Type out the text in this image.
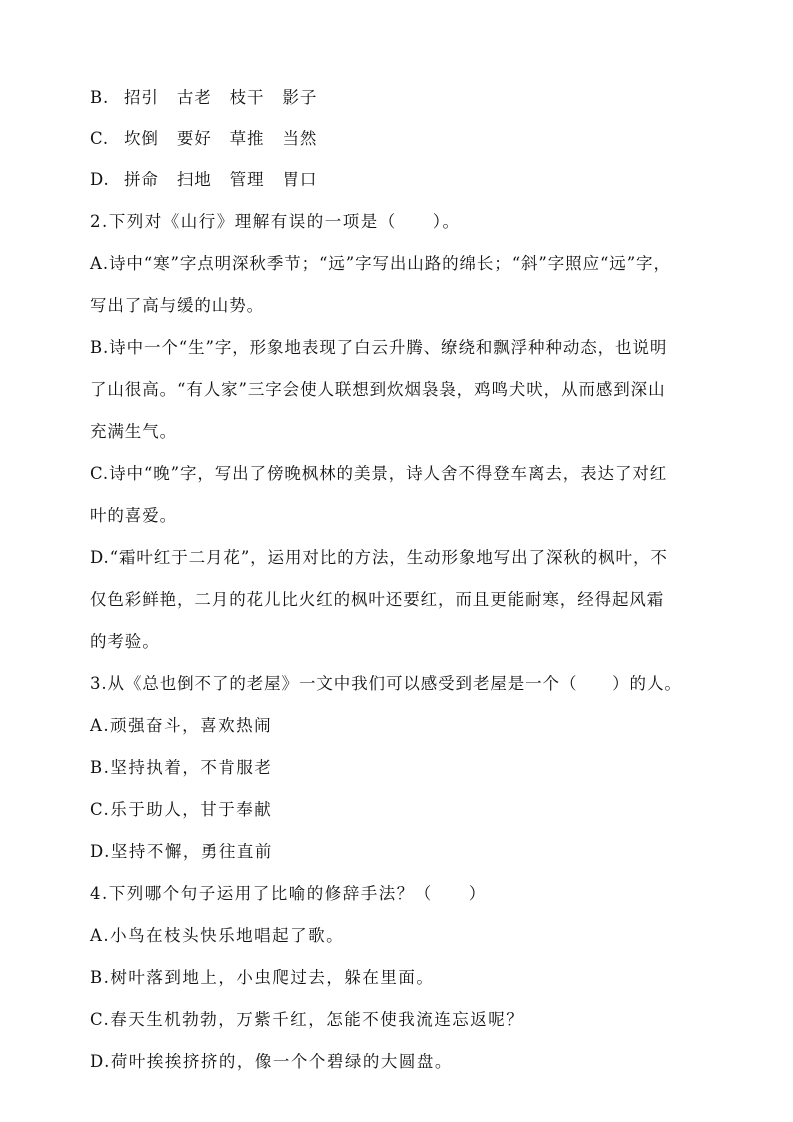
B. 招引 古老 枝干 影子
C. 坎倒 要好 草推 当然
D. 拼命 扫地 管理 胃口
2.下列对《山行》理解有误的一项是（　　）。
A.诗中“寒”字点明深秋季节；“远”字写出山路的绵长；“斜”字照应“远”字，
写出了高与缓的山势。
B.诗中一个“生”字，形象地表现了白云升腾、缭绕和飘浮种种动态，也说明
了山很高。“有人家”三字会使人联想到炊烟袅袅，鸡鸣犬吠，从而感到深山
充满生气。
C.诗中“晚”字，写出了傍晚枫林的美景，诗人舍不得登车离去，表达了对红
叶的喜爱。
D.“霜叶红于二月花”，运用对比的方法，生动形象地写出了深秋的枫叶，不
仅色彩鲜艳，二月的花儿比火红的枫叶还要红，而且更能耐寒，经得起风霜
的考验。
3.从《总也倒不了的老屋》一文中我们可以感受到老屋是一个（　　）的人。
A.顽强奋斗，喜欢热闹
B.坚持执着，不肯服老
C.乐于助人，甘于奉献
D.坚持不懈，勇往直前
4.下列哪个句子运用了比喻的修辞手法？（　　）
A.小鸟在枝头快乐地唱起了歌。
B.树叶落到地上，小虫爬过去，躲在里面。
C.春天生机勃勃，万紫千红，怎能不使我流连忘返呢？
D.荷叶挨挨挤挤的，像一个个碧绿的大圆盘。
